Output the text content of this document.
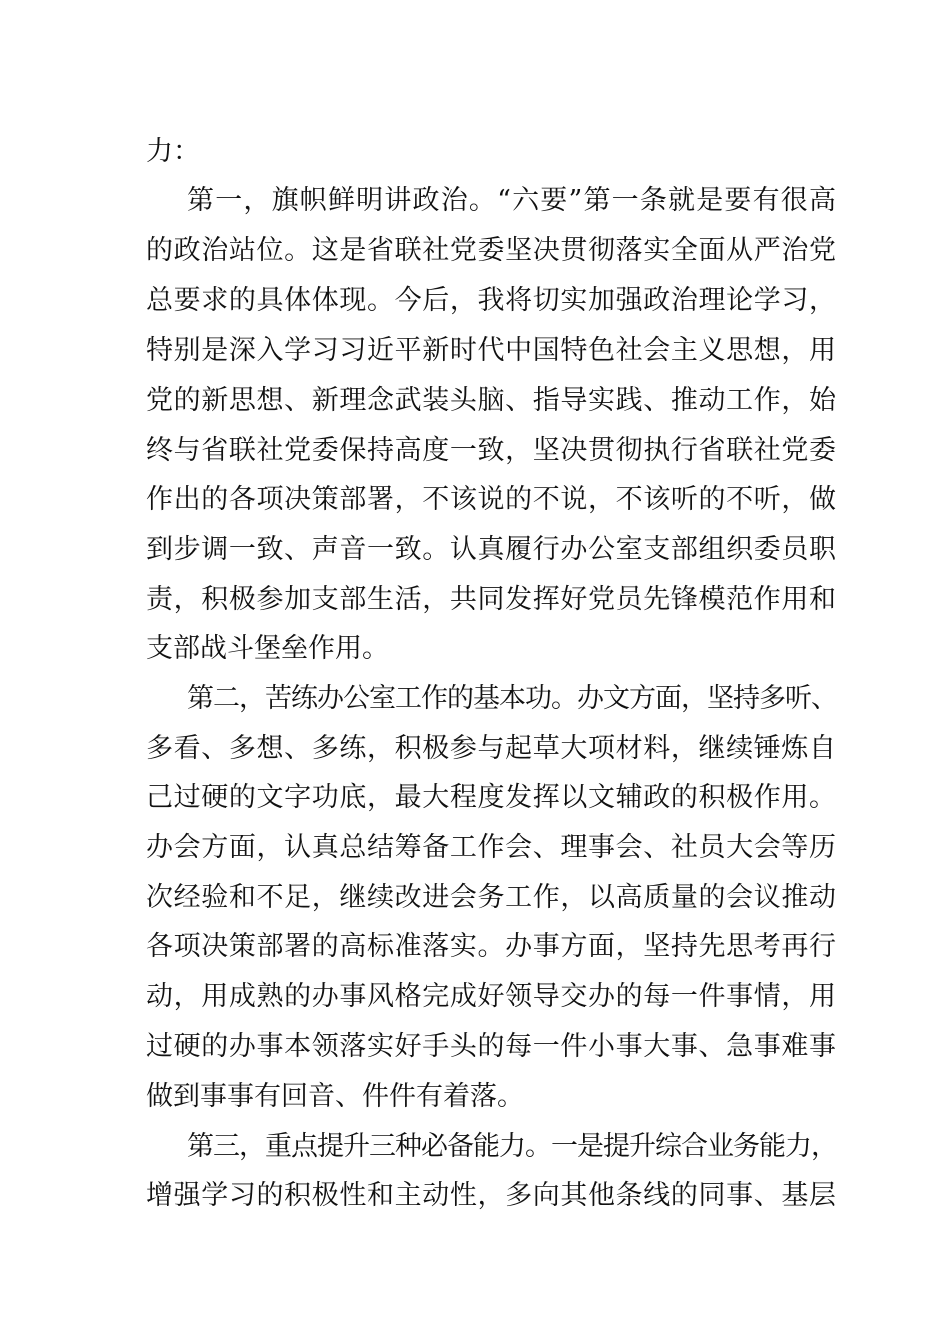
力：
第一，旗帜鲜明讲政治。“六要”第一条就是要有很高
的政治站位。这是省联社党委坚决贯彻落实全面从严治党
总要求的具体体现。今后，我将切实加强政治理论学习，
特别是深入学习习近平新时代中国特色社会主义思想，用
党的新思想、新理念武装头脑、指导实践、推动工作，始
终与省联社党委保持高度一致，坚决贯彻执行省联社党委
作出的各项决策部署，不该说的不说，不该听的不听，做
到步调一致、声音一致。认真履行办公室支部组织委员职
责，积极参加支部生活，共同发挥好党员先锋模范作用和
支部战斗堡垒作用。
第二，苦练办公室工作的基本功。办文方面，坚持多听、
多看、多想、多练，积极参与起草大项材料，继续锤炼自
己过硬的文字功底，最大程度发挥以文辅政的积极作用。
办会方面，认真总结筹备工作会、理事会、社员大会等历
次经验和不足，继续改进会务工作，以高质量的会议推动
各项决策部署的高标准落实。办事方面，坚持先思考再行
动，用成熟的办事风格完成好领导交办的每一件事情，用
过硬的办事本领落实好手头的每一件小事大事、急事难事
做到事事有回音、件件有着落。
第三，重点提升三种必备能力。一是提升综合业务能力，
增强学习的积极性和主动性，多向其他条线的同事、基层
